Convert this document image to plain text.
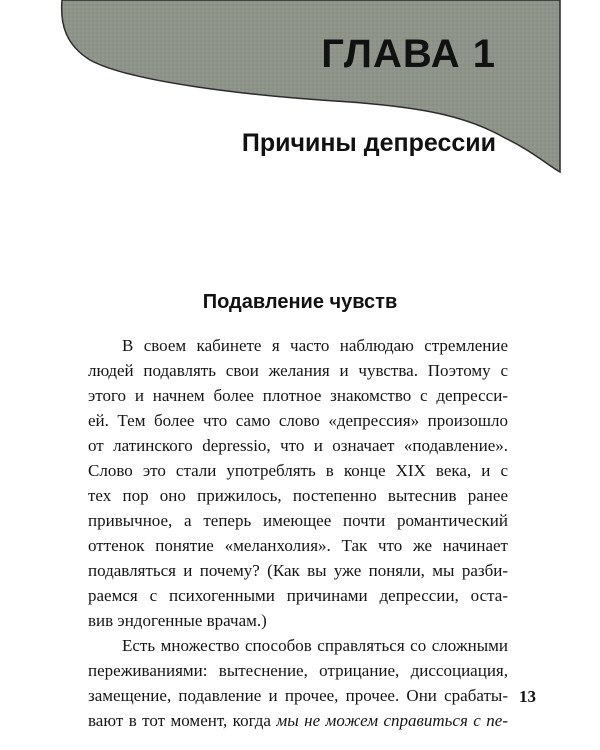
ГЛАВА 1
Причины депрессии
Подавление чувств

В своем кабинете я часто наблюдаю стремление
людей подавлять свои желания и чувства. Поэтому с
этого и начнем более плотное знакомство с депресси-
ей. Тем более что само слово «депрессия» произошло
от латинского depressio, что и означает «подавление».
Слово это стали употреблять в конце XIX века, и с
тех пор оно прижилось, постепенно вытеснив ранее
привычное, а теперь имеющее почти романтический
оттенок понятие «меланхолия». Так что же начинает
подавляться и почему? (Как вы уже поняли, мы разби-
раемся с психогенными причинами депрессии, оста-
вив эндогенные врачам.)

Есть множество способов справляться со сложными
переживаниями: вытеснение, отрицание, диссоциация,
замещение, подавление и прочее, прочее. Они срабаты-
вают в тот момент, когда мы не можем справиться с пе-

13
